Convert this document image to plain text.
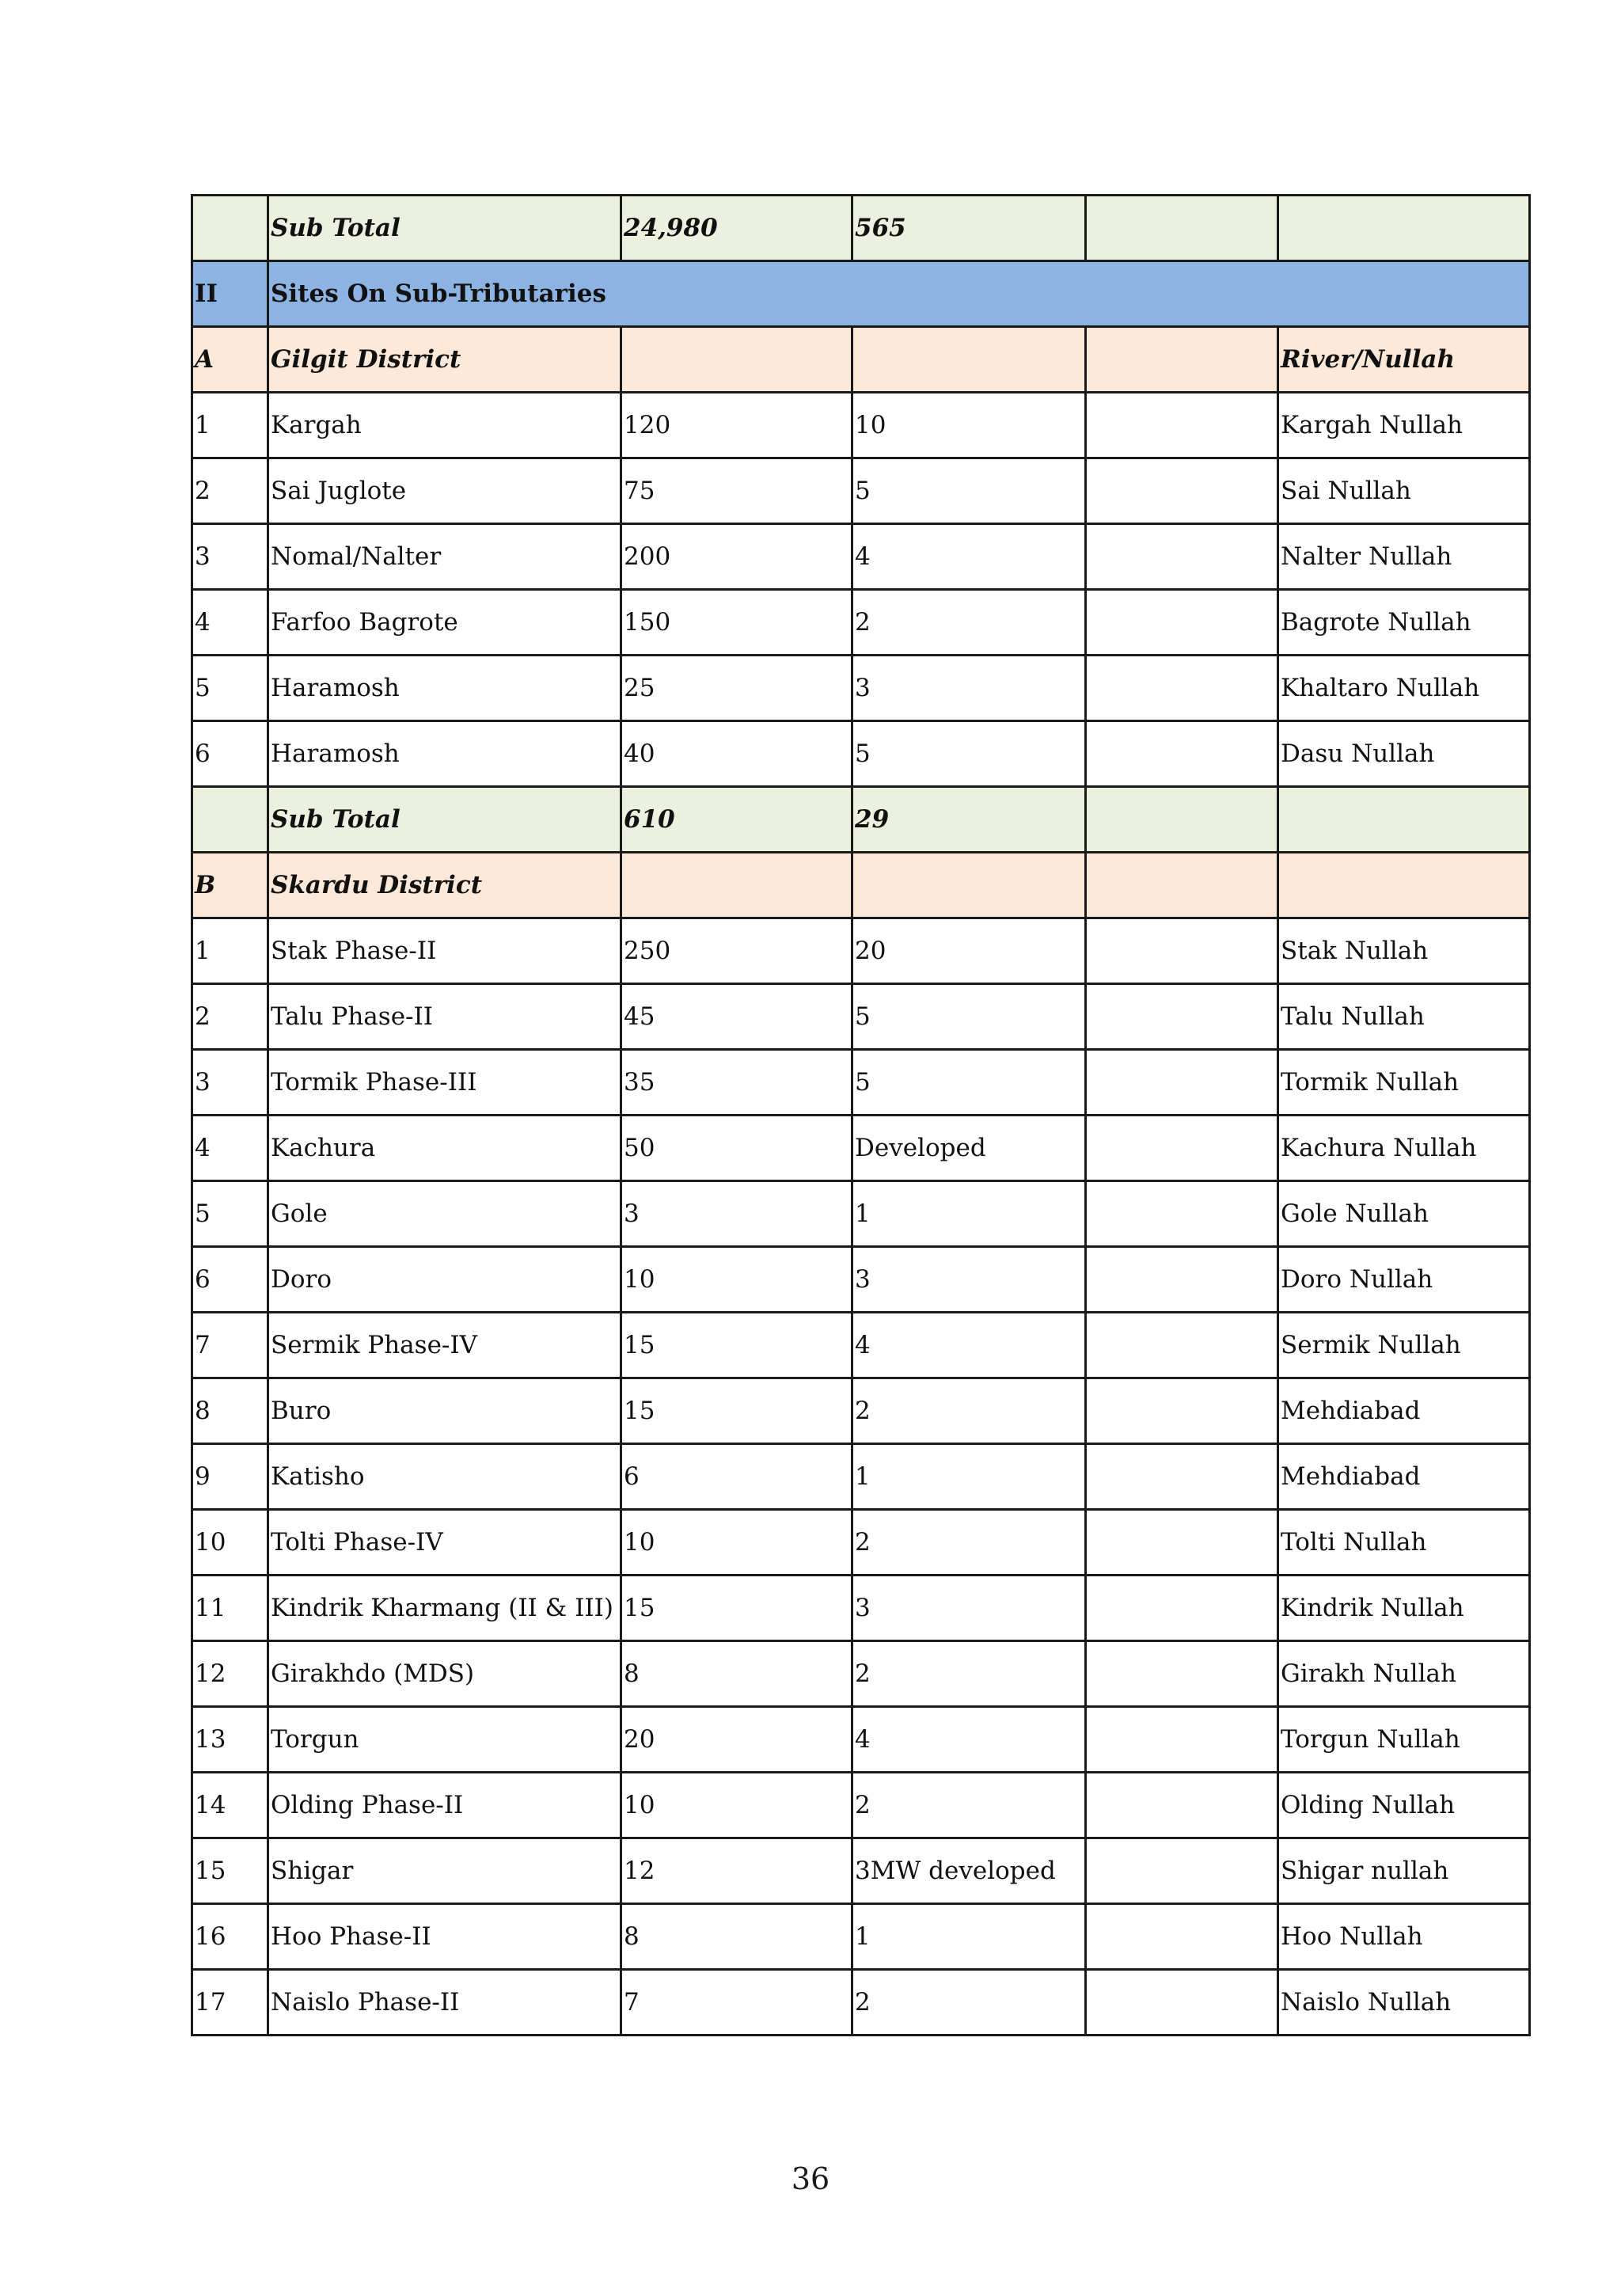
	Sub Total	24,980	565		
II	Sites On Sub-Tributaries				
A	Gilgit District				River/Nullah
1	Kargah	120	10		Kargah Nullah
2	Sai Juglote	75	5		Sai Nullah
3	Nomal/Nalter	200	4		Nalter Nullah
4	Farfoo Bagrote	150	2		Bagrote Nullah
5	Haramosh	25	3		Khaltaro Nullah
6	Haramosh	40	5		Dasu Nullah
	Sub Total	610	29		
B	Skardu District				
1	Stak Phase-II	250	20		Stak Nullah
2	Talu Phase-II	45	5		Talu Nullah
3	Tormik Phase-III	35	5		Tormik Nullah
4	Kachura	50	Developed		Kachura Nullah
5	Gole	3	1		Gole Nullah
6	Doro	10	3		Doro Nullah
7	Sermik Phase-IV	15	4		Sermik Nullah
8	Buro	15	2		Mehdiabad
9	Katisho	6	1		Mehdiabad
10	Tolti Phase-IV	10	2		Tolti Nullah
11	Kindrik Kharmang (II & III)	15	3		Kindrik Nullah
12	Girakhdo (MDS)	8	2		Girakh Nullah
13	Torgun	20	4		Torgun Nullah
14	Olding Phase-II	10	2		Olding Nullah
15	Shigar	12	3MW developed		Shigar nullah
16	Hoo Phase-II	8	1		Hoo Nullah
17	Naislo Phase-II	7	2		Naislo Nullah
36
